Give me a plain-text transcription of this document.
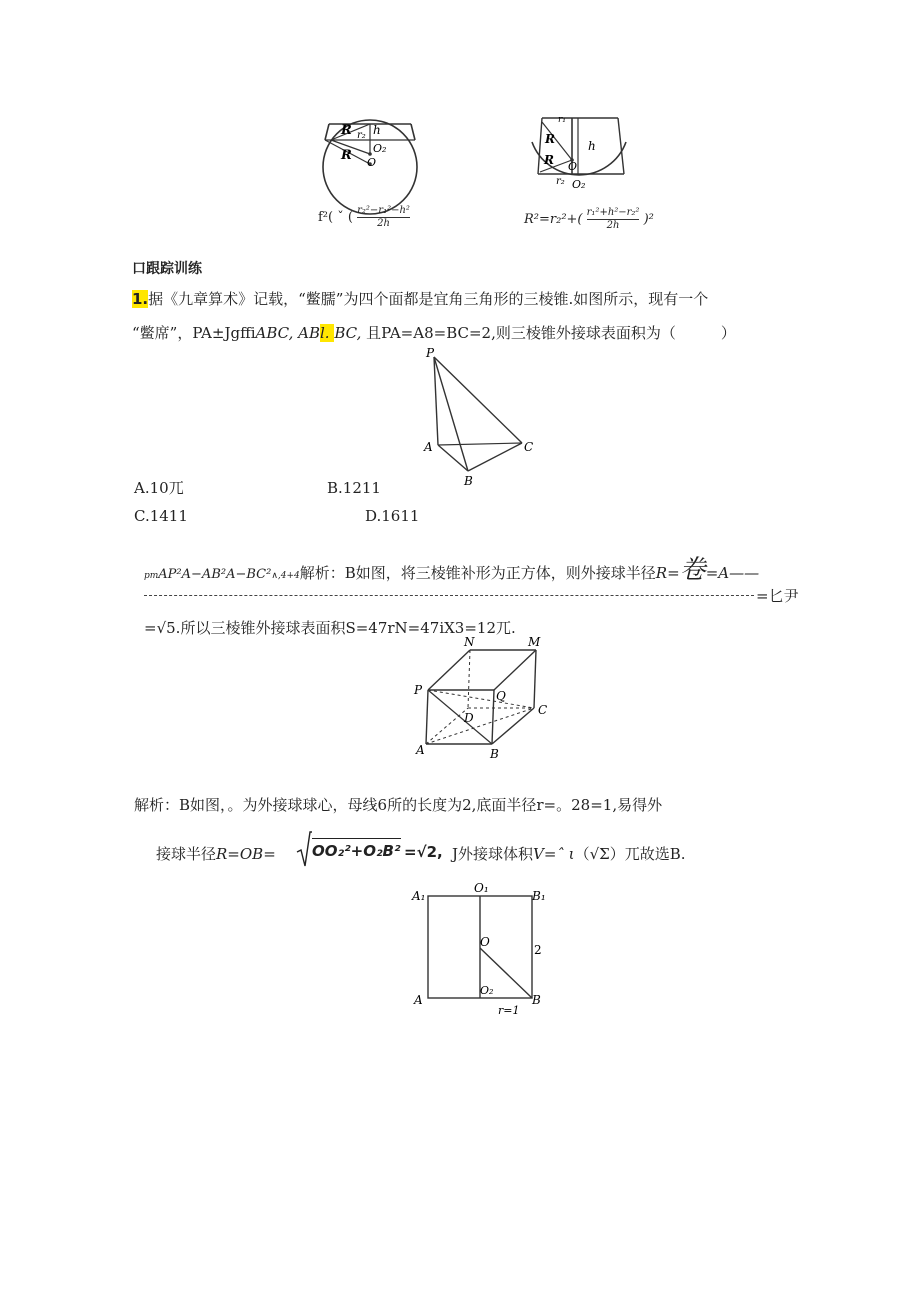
R r₂ h
R O₂
O
f²( ˇ ( $\frac{\text{r₂²−r₁²−h²}}{2h}$
r₁
R
R
h
r₂ O₂
O
$R^2=r_2^2+( \frac{\text{r₁²+h²−r₂²}}{2h} )^2$
口跟踪训练
1.据《九章算术》记载，“鳖臑”为四个面都是宜角三角形的三棱锥.如图所示，现有一个
“鳖席”，PA±JgffiABC, ABl. BC, 且PA=A8=BC=2,则三棱锥外接球表面积为（　　　）
P
A
B
C
A.10兀	B.1211
C.1411	D.1611
pтAP²A−AB²A−BC²∧,4+4解析：B如图，将三棱锥补形为正方体，则外接球半径R=卷=A——
=匕尹
=√5.所以三棱锥外接球表面积S=47rN=47iX3=12兀.
N	M
P	Q
D
C
A	B
解析：B如图，。为外接球球心，母线6所的长度为2,底面半径r=。28=1,易得外
接球半径R=OB= OO₂²+O₂B² =√2, J外接球体积V=ˆ ι（√Σ）兀故选B.
A₁
O₁
B₁
O
2
A
O₂
B
r=1
